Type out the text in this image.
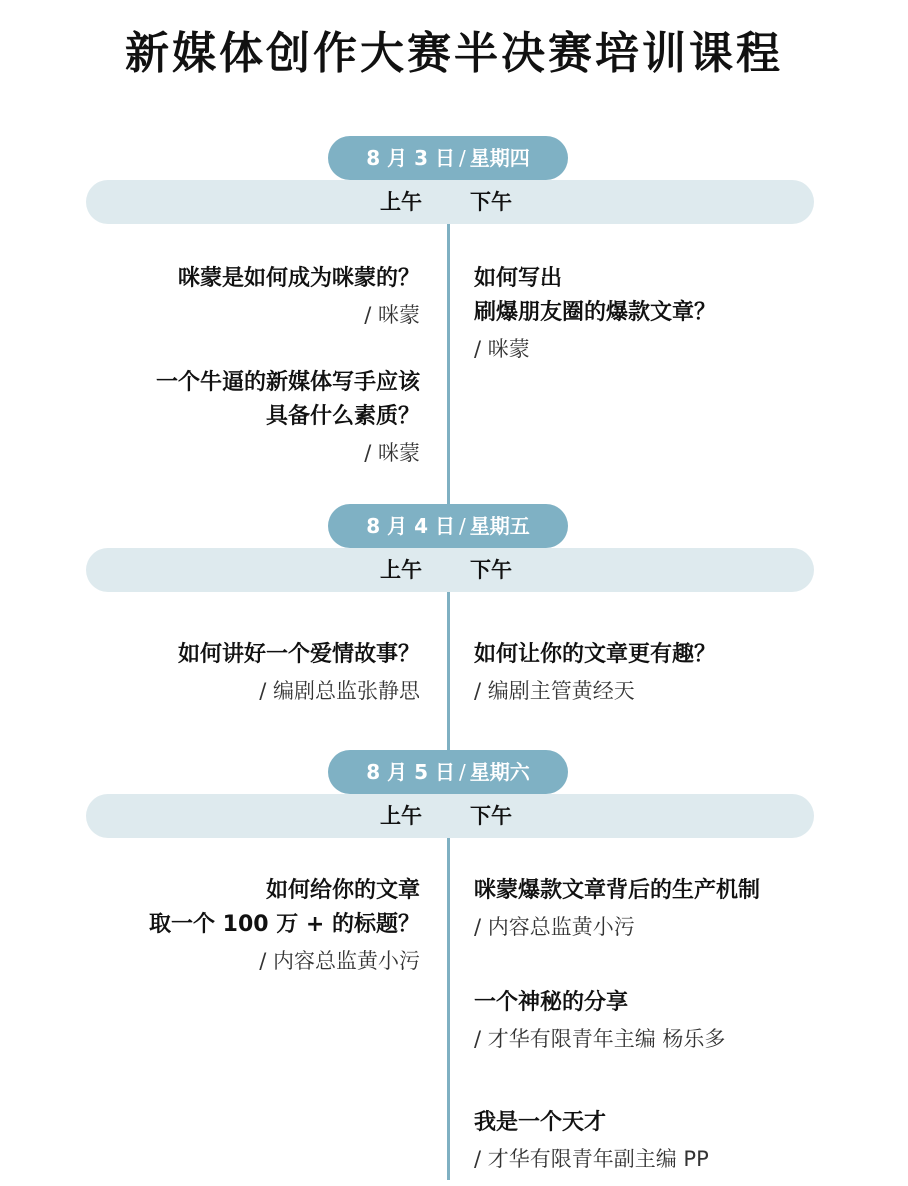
新媒体创作大赛半决赛培训课程
上午 下午
8 月 3 日 / 星期四
咪蒙是如何成为咪蒙的？
/ 咪蒙
一个牛逼的新媒体写手应该
具备什么素质？
/ 咪蒙
如何写出
刷爆朋友圈的爆款文章？
/ 咪蒙
上午 下午
8 月 4 日 / 星期五
如何讲好一个爱情故事？
/ 编剧总监张静思
如何让你的文章更有趣？
/ 编剧主管黄经天
上午 下午
8 月 5 日 / 星期六
如何给你的文章
取一个 100 万 + 的标题？
/ 内容总监黄小污
咪蒙爆款文章背后的生产机制
/ 内容总监黄小污
一个神秘的分享
/ 才华有限青年主编 杨乐多
我是一个天才
/ 才华有限青年副主编 PP
